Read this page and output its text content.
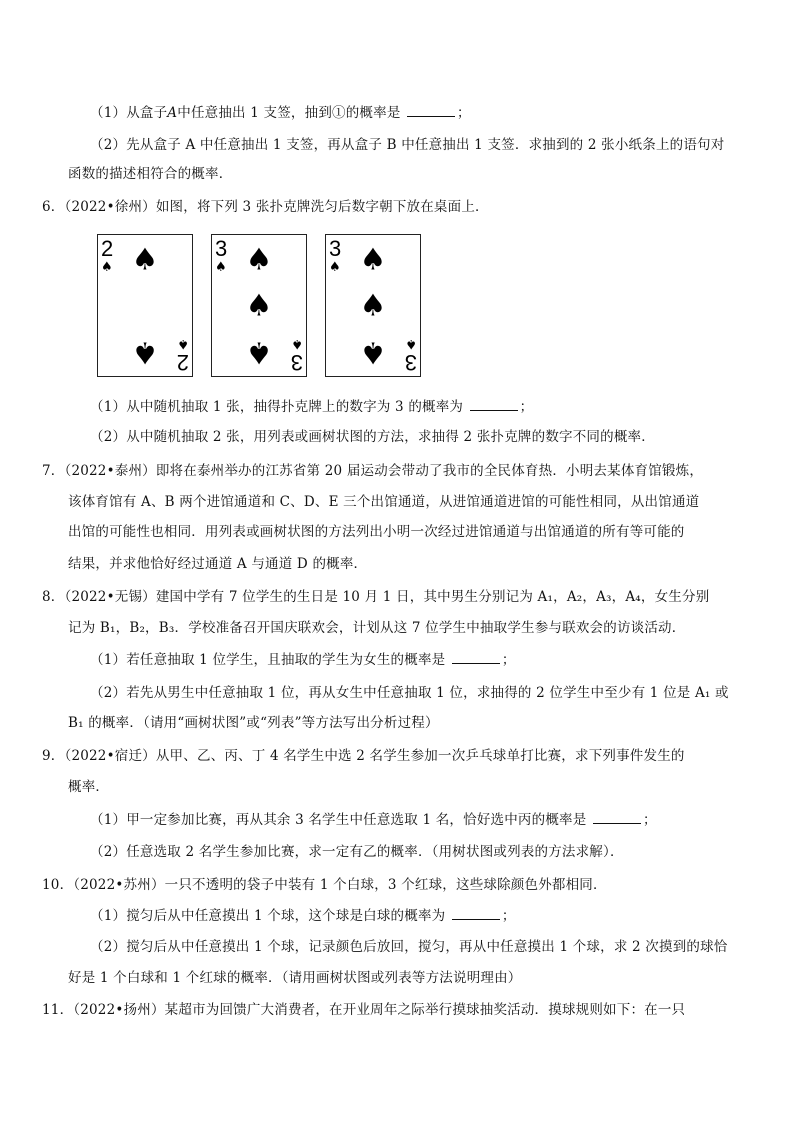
（1）从盒子A中任意抽出 1 支签，抽到①的概率是	；
（2）先从盒子 A 中任意抽出 1 支签，再从盒子 B 中任意抽出 1 支签．求抽到的 2 张小纸条上的语句对
函数的描述相符合的概率．
6．（2022•徐州）如图，将下列 3 张扑克牌洗匀后数字朝下放在桌面上．
（1）从中随机抽取 1 张，抽得扑克牌上的数字为 3 的概率为	；
（2）从中随机抽取 2 张，用列表或画树状图的方法，求抽得 2 张扑克牌的数字不同的概率．
7．（2022•泰州）即将在泰州举办的江苏省第 20 届运动会带动了我市的全民体育热．小明去某体育馆锻炼，
该体育馆有 A、B 两个进馆通道和 C、D、E 三个出馆通道，从进馆通道进馆的可能性相同，从出馆通道
出馆的可能性也相同．用列表或画树状图的方法列出小明一次经过进馆通道与出馆通道的所有等可能的
结果，并求他恰好经过通道 A 与通道 D 的概率．
8．（2022•无锡）建国中学有 7 位学生的生日是 10 月 1 日，其中男生分别记为 A₁，A₂，A₃，A₄，女生分别
记为 B₁，B₂，B₃．学校准备召开国庆联欢会，计划从这 7 位学生中抽取学生参与联欢会的访谈活动．
（1）若任意抽取 1 位学生，且抽取的学生为女生的概率是	；
（2）若先从男生中任意抽取 1 位，再从女生中任意抽取 1 位，求抽得的 2 位学生中至少有 1 位是 A₁ 或
B₁ 的概率．（请用“画树状图”或“列表”等方法写出分析过程）
9．（2022•宿迁）从甲、乙、丙、丁 4 名学生中选 2 名学生参加一次乒乓球单打比赛，求下列事件发生的
概率．
（1）甲一定参加比赛，再从其余 3 名学生中任意选取 1 名，恰好选中丙的概率是	；
（2）任意选取 2 名学生参加比赛，求一定有乙的概率．（用树状图或列表的方法求解）．
10．（2022•苏州）一只不透明的袋子中装有 1 个白球，3 个红球，这些球除颜色外都相同．
（1）搅匀后从中任意摸出 1 个球，这个球是白球的概率为	；
（2）搅匀后从中任意摸出 1 个球，记录颜色后放回，搅匀，再从中任意摸出 1 个球，求 2 次摸到的球恰
好是 1 个白球和 1 个红球的概率．（请用画树状图或列表等方法说明理由）
11．（2022•扬州）某超市为回馈广大消费者，在开业周年之际举行摸球抽奖活动．摸球规则如下：在一只
2
♠
2
♠
♠
♠
3
♠
3
♠
♠
♠
♠
3
♠
3
♠
♠
♠
♠
